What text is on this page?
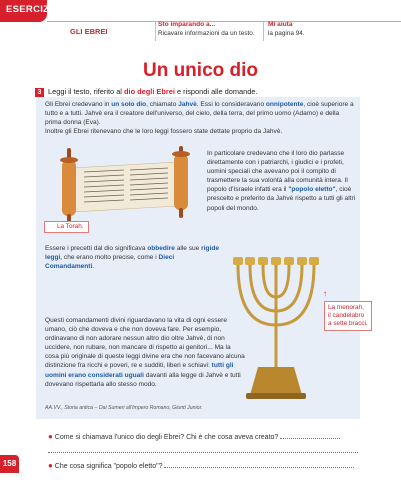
ESERCIZI
GLI EBREI
Sto imparando a...
Ricavare informazioni da un testo.
Mi aiuta
la pagina 94.
Un unico dio
3 Leggi il testo, riferito al dio degli Ebrei e rispondi alle domande.
Gli Ebrei credevano in un solo dio, chiamato Jahvè. Essi lo consideravano onnipotente, cioè superiore a tutto e a tutti. Jahvè era il creatore dell'universo, del cielo, della terra, del primo uomo (Adamo) e della prima donna (Eva).
Inoltre gli Ebrei ritenevano che le loro leggi fossero state dettate proprio da Jahvè.
La Torah.
In particolare credevano che il loro dio parlasse direttamente con i patriarchi, i giudici e i profeti, uomini speciali che avevano poi il compito di trasmettere la sua volontà alla comunità intera. Il popolo d'Israele infatti era il "popolo eletto", cioè prescelto e preferito da Jahvè rispetto a tutti gli altri popoli del mondo.
Essere i precetti dal dio significava obbedire alle sue rigide leggi, che erano molto precise, come i Dieci Comandamenti.
Questi comandamenti divini riguardavano la vita di ogni essere umano, ciò che doveva e che non doveva fare. Per esempio, ordinavano di non adorare nessun altro dio oltre Jahvè, di non uccidere, non rubare, non mancare di rispetto ai genitori... Ma la cosa più originale di queste leggi divine era che non facevano alcuna distinzione fra ricchi e poveri, re e sudditi, liberi e schiavi: tutti gli uomini erano considerati uguali davanti alla legge di Jahvè e tutti dovevano rispettarla allo stesso modo.
↑
La menorah, il candelabro a sette bracci.
AA.VV., Storia antica – Dai Sumeri all'Impero Romano, Giunti Junior.
● Come si chiamava l'unico dio degli Ebrei? Chi è che cosa aveva creato?
● Che cosa significa "popolo eletto"?
158
